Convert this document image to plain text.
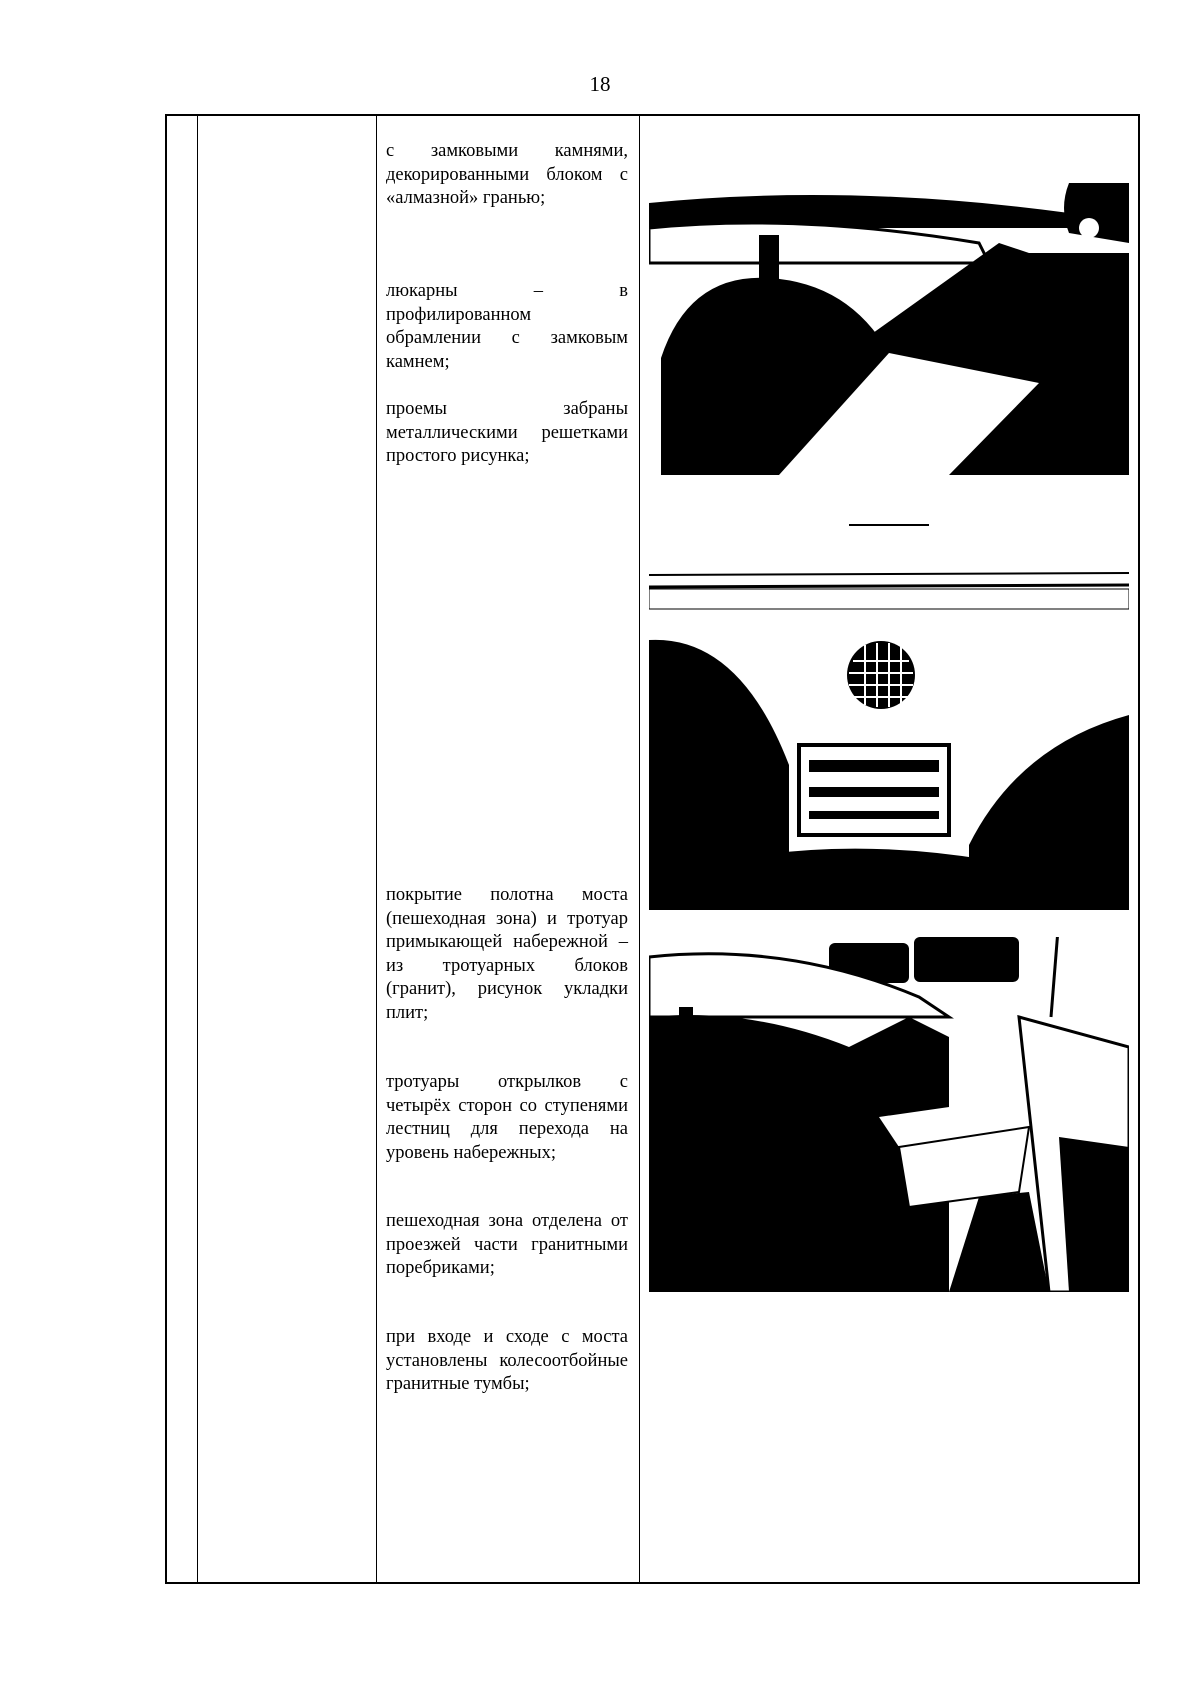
18
с замковыми камнями, декорированными блоком с «алмазной» гранью;
люкарны – в профилированном обрамлении с замковым камнем;
проемы забраны металлическими решетками простого рисунка;
покрытие полотна моста (пешеходная зона) и тротуар примыкающей набережной – из тротуарных блоков (гранит), рисунок укладки плит;
тротуары открылков с четырёх сторон со ступенями лестниц для перехода на уровень набережных;
пешеходная зона отделена от проезжей части гранитными поребриками;
при входе и сходе с моста установлены колесоотбойные гранитные тумбы;
